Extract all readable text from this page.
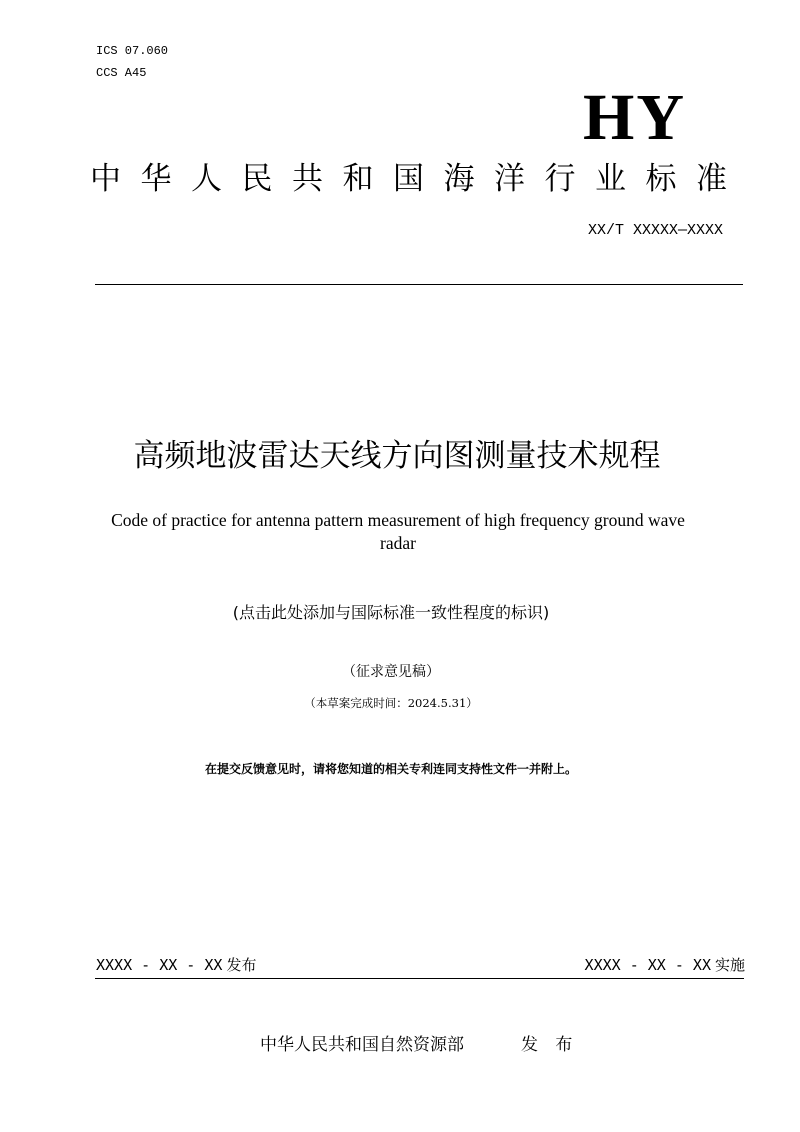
ICS 07.060
CCS A45
HY
中华人民共和国海洋行业标准
XX/T XXXXX—XXXX
高频地波雷达天线方向图测量技术规程
Code of practice for antenna pattern measurement of high frequency ground wave radar
(点击此处添加与国际标准一致性程度的标识)
（征求意见稿）
（本草案完成时间：2024.5.31）
在提交反馈意见时，请将您知道的相关专利连同支持性文件一并附上。
XXXX - XX - XX 发布	XXXX - XX - XX 实施
中华人民共和国自然资源部	发 布
